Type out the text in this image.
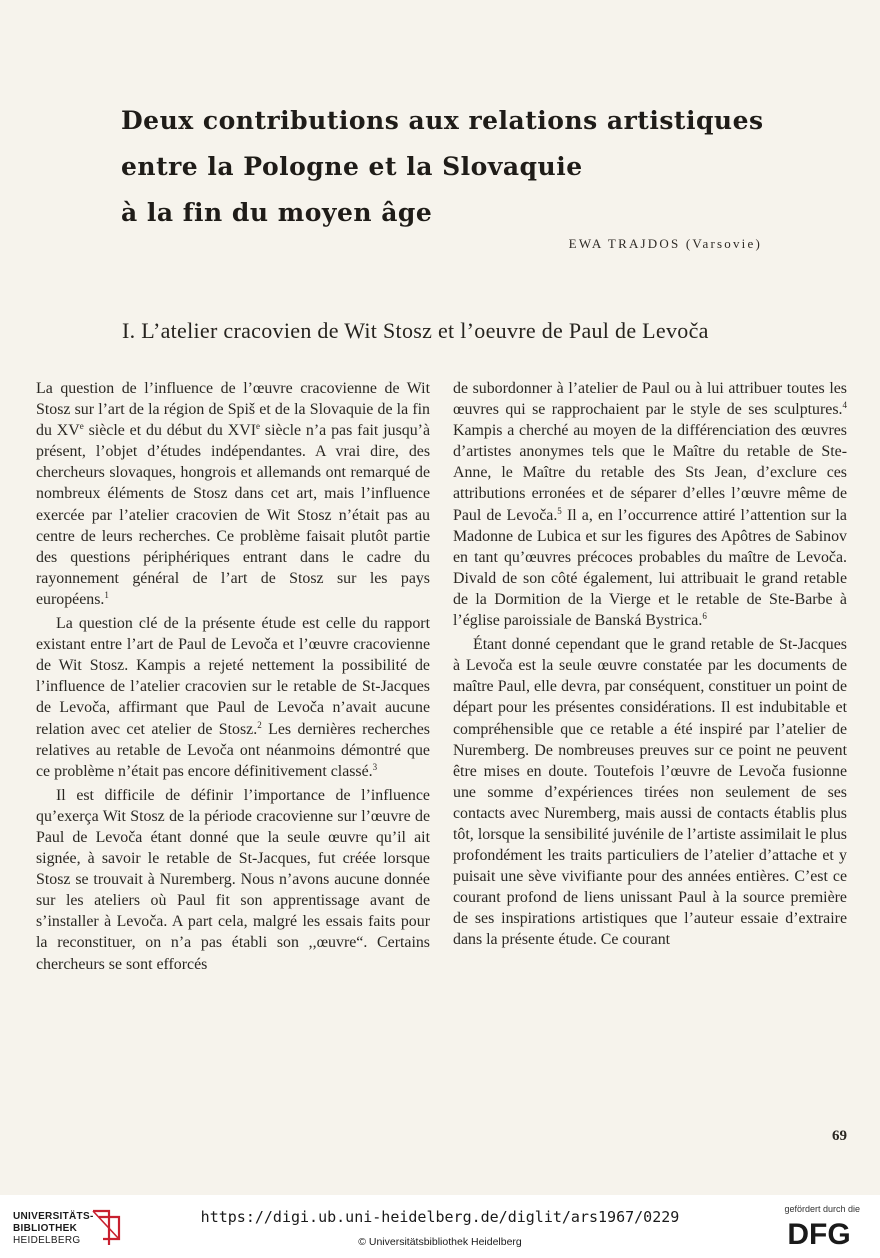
Deux contributions aux relations artistiques
entre la Pologne et la Slovaquie
à la fin du moyen âge
EWA TRAJDOS (Varsovie)
I. L’atelier cracovien de Wit Stosz et l’oeuvre de Paul de Levoča

La question de l’influence de l’œuvre cracovienne de Wit Stosz sur l’art de la région de Spiš et de la Slovaquie de la fin du XVe siècle et du début du XVIe siècle n’a pas fait jusqu’à présent, l’objet d’études indépendantes. A vrai dire, des chercheurs slovaques, hongrois et allemands ont remarqué de nombreux éléments de Stosz dans cet art, mais l’influence exercée par l’atelier cracovien de Wit Stosz n’était pas au centre de leurs recherches. Ce problème faisait plutôt partie des questions périphériques entrant dans le cadre du rayonnement général de l’art de Stosz sur les pays européens.$^1$

La question clé de la présente étude est celle du rapport existant entre l’art de Paul de Levoča et l’œuvre cracovienne de Wit Stosz. Kampis a rejeté nettement la possibilité de l’influence de l’atelier cracovien sur le retable de St-Jacques de Levoča, affirmant que Paul de Levoča n’avait aucune relation avec cet atelier de Stosz.$^2$ Les dernières recherches relatives au retable de Levoča ont néanmoins démontré que ce problème n’était pas encore définitivement classé.$^3$

Il est difficile de définir l’importance de l’influence qu’exerça Wit Stosz de la période cracovienne sur l’œuvre de Paul de Levoča étant donné que la seule œuvre qu’il ait signée, à savoir le retable de St-Jacques, fut créée lorsque Stosz se trouvait à Nuremberg. Nous n’avons aucune donnée sur les ateliers où Paul fit son apprentissage avant de s’installer à Levoča. A part cela, malgré les essais faits pour la reconstituer, on n’a pas établi son ,,œuvre“. Certains chercheurs se sont efforcés

de subordonner à l’atelier de Paul ou à lui attribuer toutes les œuvres qui se rapprochaient par le style de ses sculptures.$^4$ Kampis a cherché au moyen de la différenciation des œuvres d’artistes anonymes tels que le Maître du retable de Ste-Anne, le Maître du retable des Sts Jean, d’exclure ces attributions erronées et de séparer d’elles l’œuvre même de Paul de Levoča.$^5$ Il a, en l’occurrence attiré l’attention sur la Madonne de Lubica et sur les figures des Apôtres de Sabinov en tant qu’œuvres précoces probables du maître de Levoča. Divald de son côté également, lui attribuait le grand retable de la Dormition de la Vierge et le retable de Ste-Barbe à l’église paroissiale de Banská Bystrica.$^6$

Étant donné cependant que le grand retable de St-Jacques à Levoča est la seule œuvre constatée par les documents de maître Paul, elle devra, par conséquent, constituer un point de départ pour les présentes considérations. Il est indubitable et compréhensible que ce retable a été inspiré par l’atelier de Nuremberg. De nombreuses preuves sur ce point ne peuvent être mises en doute. Toutefois l’œuvre de Levoča fusionne une somme d’expériences tirées non seulement de ses contacts avec Nuremberg, mais aussi de contacts établis plus tôt, lorsque la sensibilité juvénile de l’artiste assimilait le plus profondément les traits particuliers de l’atelier d’attache et y puisait une sève vivifiante pour des années entières. C’est ce courant profond de liens unissant Paul à la source première de ses inspirations artistiques que l’auteur essaie d’extraire dans la présente étude. Ce courant

69
UNIVERSITÄTS-
BIBLIOTHEK
HEIDELBERG
https://digi.ub.uni-heidelberg.de/diglit/ars1967/0229
© Universitätsbibliothek Heidelberg
gefördert durch die
DFG
